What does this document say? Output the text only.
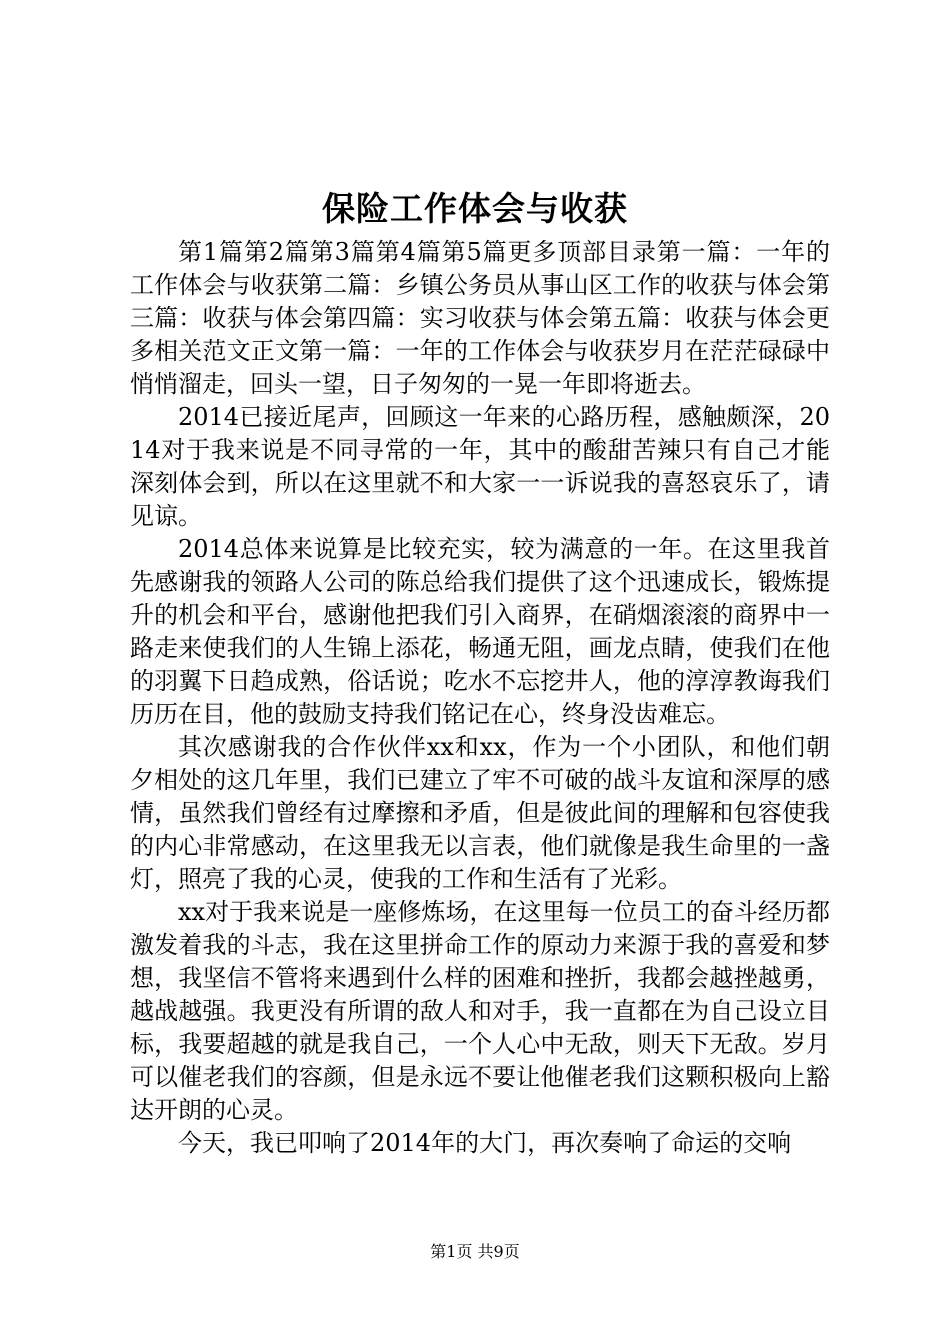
保险工作体会与收获

第1篇第2篇第3篇第4篇第5篇更多顶部目录第一篇：一年的工作体会与收获第二篇：乡镇公务员从事山区工作的收获与体会第三篇：收获与体会第四篇：实习收获与体会第五篇：收获与体会更多相关范文正文第一篇：一年的工作体会与收获岁月在茫茫碌碌中悄悄溜走，回头一望，日子匆匆的一晃一年即将逝去。

2014已接近尾声，回顾这一年来的心路历程，感触颇深，2014对于我来说是不同寻常的一年，其中的酸甜苦辣只有自己才能深刻体会到，所以在这里就不和大家一一诉说我的喜怒哀乐了，请见谅。

2014总体来说算是比较充实，较为满意的一年。在这里我首先感谢我的领路人公司的陈总给我们提供了这个迅速成长，锻炼提升的机会和平台，感谢他把我们引入商界，在硝烟滚滚的商界中一路走来使我们的人生锦上添花，畅通无阻，画龙点睛，使我们在他的羽翼下日趋成熟，俗话说；吃水不忘挖井人，他的淳淳教诲我们历历在目，他的鼓励支持我们铭记在心，终身没齿难忘。

其次感谢我的合作伙伴xx和xx，作为一个小团队，和他们朝夕相处的这几年里，我们已建立了牢不可破的战斗友谊和深厚的感情，虽然我们曾经有过摩擦和矛盾，但是彼此间的理解和包容使我的内心非常感动，在这里我无以言表，他们就像是我生命里的一盏灯，照亮了我的心灵，使我的工作和生活有了光彩。

xx对于我来说是一座修炼场，在这里每一位员工的奋斗经历都激发着我的斗志，我在这里拼命工作的原动力来源于我的喜爱和梦想，我坚信不管将来遇到什么样的困难和挫折，我都会越挫越勇，越战越强。我更没有所谓的敌人和对手，我一直都在为自己设立目标，我要超越的就是我自己，一个人心中无敌，则天下无敌。岁月可以催老我们的容颜，但是永远不要让他催老我们这颗积极向上豁达开朗的心灵。

今天，我已叩响了2014年的大门，再次奏响了命运的交响

第1页 共9页
